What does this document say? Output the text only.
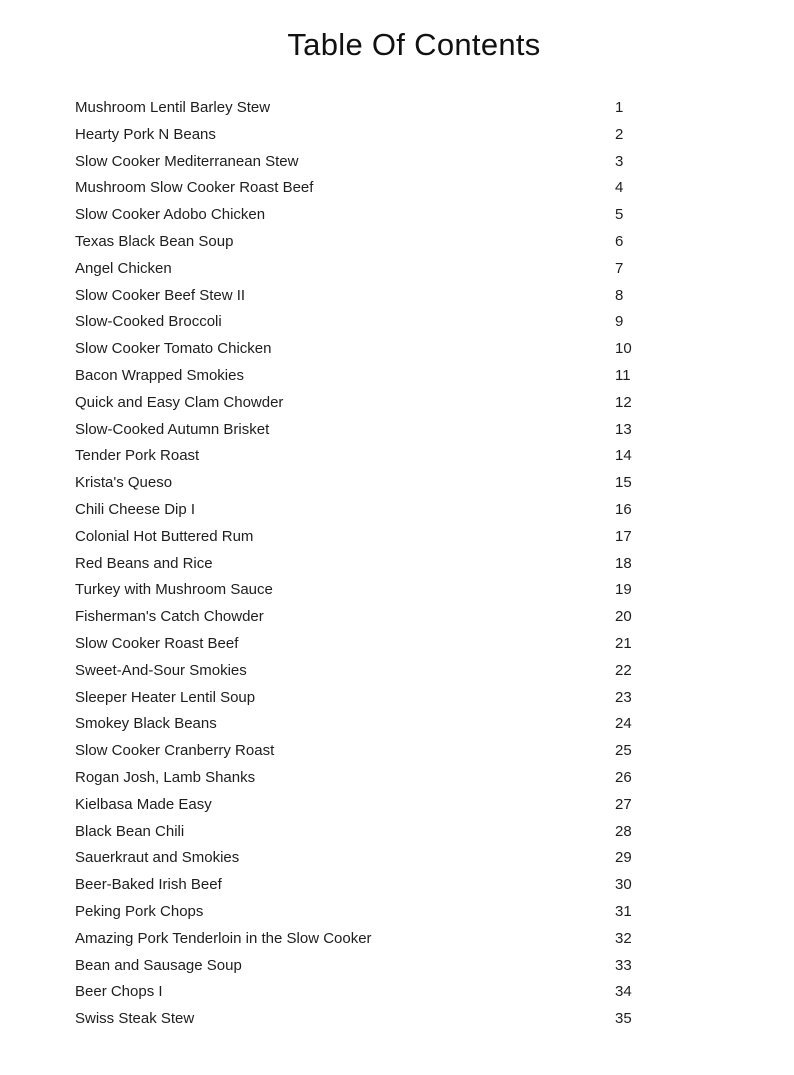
Table Of Contents
Mushroom Lentil Barley Stew	1
Hearty Pork N Beans	2
Slow Cooker Mediterranean Stew	3
Mushroom Slow Cooker Roast Beef	4
Slow Cooker Adobo Chicken	5
Texas Black Bean Soup	6
Angel Chicken	7
Slow Cooker Beef Stew II	8
Slow-Cooked Broccoli	9
Slow Cooker Tomato Chicken	10
Bacon Wrapped Smokies	11
Quick and Easy Clam Chowder	12
Slow-Cooked Autumn Brisket	13
Tender Pork Roast	14
Krista's Queso	15
Chili Cheese Dip I	16
Colonial Hot Buttered Rum	17
Red Beans and Rice	18
Turkey with Mushroom Sauce	19
Fisherman's Catch Chowder	20
Slow Cooker Roast Beef	21
Sweet-And-Sour Smokies	22
Sleeper Heater Lentil Soup	23
Smokey Black Beans	24
Slow Cooker Cranberry Roast	25
Rogan Josh, Lamb Shanks	26
Kielbasa Made Easy	27
Black Bean Chili	28
Sauerkraut and Smokies	29
Beer-Baked Irish Beef	30
Peking Pork Chops	31
Amazing Pork Tenderloin in the Slow Cooker	32
Bean and Sausage Soup	33
Beer Chops I	34
Swiss Steak Stew	35
